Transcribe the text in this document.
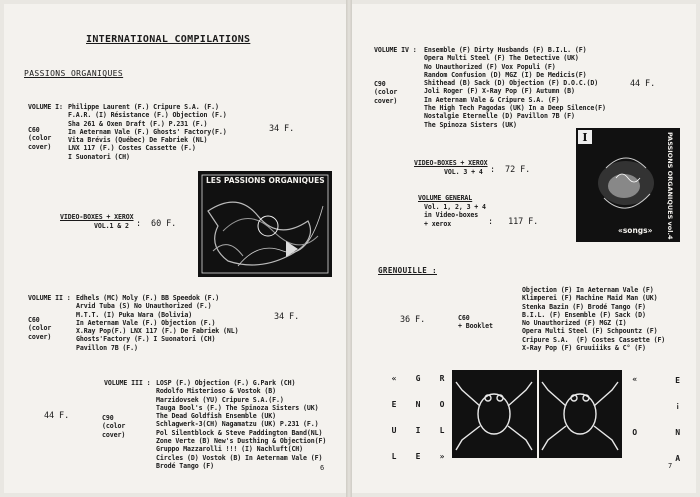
INTERNATIONAL COMPILATIONS
PASSIONS ORGANIQUES
VOLUME I: Philippe Laurent (F.) Cripure S.A. (F.)
F.A.R. (I) Résistance (F.) Objection (F.)
Sha 261 & Oxen Draft (F.) P.231 (F.)
In Aeternam Vale (F.) Ghosts' Factory(F.)
Vita Brévis (Québec) De Fabriek (NL)
LNX 117 (F.) Costes Cassette (F.)
I Suonatori (CH)
C60
(color
cover)
34 F.
LES PASSIONS ORGANIQUES
VIDEO-BOXES + XEROX
VOL.1 & 2 :  60 F.
VOLUME II : Edhels (MC) Moly (F.) BB Speedok (F.)
Arvid Tuba (S) No Unauthorized (F.)
M.T.T. (I) Puka Wara (Bolivia)
In Aeternam Vale (F.) Objection (F.)
X.Ray Pop(F.) LNX 117 (F.) De Fabriek (NL)
Ghosts'Factory (F.) I Suonatori (CH)
Pavillon 7B (F.)
C60
(color
cover)
34 F.
VOLUME III : LOSP (F.) Objection (F.) G.Park (CH)
Rodolfo Misterioso & Vostok (B)
Marzidovsek (YU) Cripure S.A.(F.)
Tauga Bool's (F.) The Spinoza Sisters (UK)
The Dead Goldfish Ensemble (UK)
Schlagwerk-3(CH) Nagamatzu (UK) P.231 (F.)
Pol Silentblock & Steve Paddington Band(NL)
Zone Verte (B) New's Dusthing & Objection(F)
Gruppo Mazzarolli !!! (I) Nachluft(CH)
Circles (D) Vostok (B) In Aeternam Vale (F)
Brodé Tango (F)
C90
(color
cover)
44 F.
6
VOLUME IV : Ensemble (F) Dirty Husbands (F) B.I.L. (F)
Opera Multi Steel (F) The Detective (UK)
No Unauthorized (F) Vox Populi (F)
Random Confusion (D) MGZ (I) De Medicis(F)
Shithead (B) Sack (D) Objection (F) D.O.C.(D)
Joli Roger (F) X-Ray Pop (F) Autumn (B)
In Aeternam Vale & Cripure S.A. (F)
The High Tech Pagodas (UK) In a Deep Silence(F)
Nostalgie Eternelle (D) Pavillon 7B (F)
The Spinoza Sisters (UK)
C90
(color
cover)
44 F.
VIDEO-BOXES + XEROX
VOL. 3 + 4 :  72 F.
VOLUME GENERAL
Vol. 1, 2, 3 + 4
in Video-boxes
+ xerox	:   117 F.
I	PASSIONS ORGANIQUES vol.4
«songs»
GRENOUILLE :
Objection (F) In Aeternam Vale (F)
Klimperei (F) Machine Maid Man (UK)
Stenka Bazin (F) Brodé Tango (F)
B.I.L. (F) Ensemble (F) Sack (D)
No Unauthorized (F) MGZ (I)
Opera Multi Steel (F) Schpountz (F)
Cripure S.A.  (F) Costes Cassette (F)
X-Ray Pop (F) Gruuiiiks & C° (F)
C60
+ Booklet
36 F.
«	G	R
E	N	O
U	I	L
L	E	»
»	Ǝ
!
O	N
Ɐ
7
